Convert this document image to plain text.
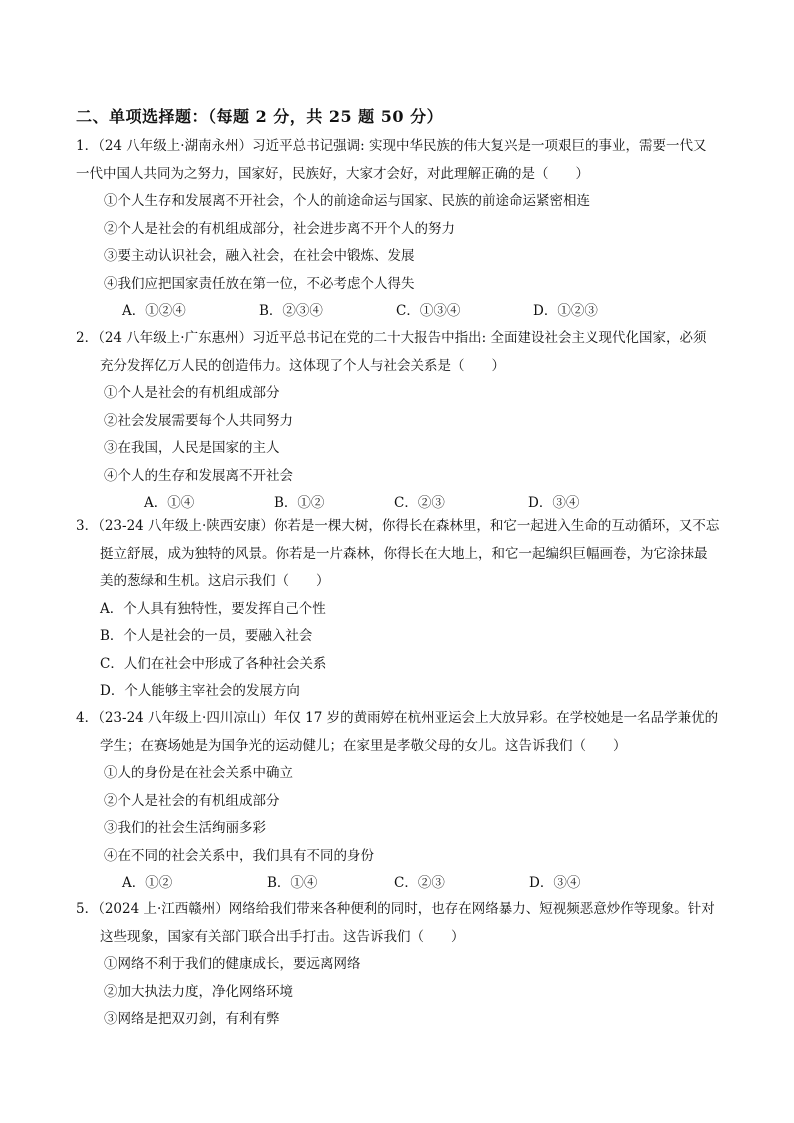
二、单项选择题：（每题 2 分，共 25 题 50 分）
1．（24 八年级上·湖南永州）习近平总书记强调: 实现中华民族的伟大复兴是一项艰巨的事业，需要一代又
一代中国人共同为之努力，国家好，民族好，大家才会好，对此理解正确的是（　　）
①个人生存和发展离不开社会，个人的前途命运与国家、民族的前途命运紧密相连
②个人是社会的有机组成部分，社会进步离不开个人的努力
③要主动认识社会，融入社会，在社会中锻炼、发展
④我们应把国家责任放在第一位，不必考虑个人得失
A．①②④	B．②③④	C．①③④	D．①②③
2．（24 八年级上·广东惠州）习近平总书记在党的二十大报告中指出: 全面建设社会主义现代化国家，必须
充分发挥亿万人民的创造伟力。这体现了个人与社会关系是（　　）
①个人是社会的有机组成部分
②社会发展需要每个人共同努力
③在我国，人民是国家的主人
④个人的生存和发展离不开社会
A．①④	B．①②	C．②③	D．③④
3．（23-24 八年级上·陕西安康）你若是一棵大树，你得长在森林里，和它一起进入生命的互动循环，又不忘
挺立舒展，成为独特的风景。你若是一片森林，你得长在大地上，和它一起编织巨幅画卷，为它涂抹最
美的葱绿和生机。这启示我们（　　）
A．个人具有独特性，要发挥自己个性
B．个人是社会的一员，要融入社会
C．人们在社会中形成了各种社会关系
D．个人能够主宰社会的发展方向
4．（23-24 八年级上·四川凉山）年仅 17 岁的黄雨婷在杭州亚运会上大放异彩。在学校她是一名品学兼优的
学生；在赛场她是为国争光的运动健儿；在家里是孝敬父母的女儿。这告诉我们（　　）
①人的身份是在社会关系中确立
②个人是社会的有机组成部分
③我们的社会生活绚丽多彩
④在不同的社会关系中，我们具有不同的身份
A．①②	B．①④	C．②③	D．③④
5．（2024 上·江西赣州）网络给我们带来各种便利的同时，也存在网络暴力、短视频恶意炒作等现象。针对
这些现象，国家有关部门联合出手打击。这告诉我们（　　）
①网络不利于我们的健康成长，要远离网络
②加大执法力度，净化网络环境
③网络是把双刃剑，有利有弊
